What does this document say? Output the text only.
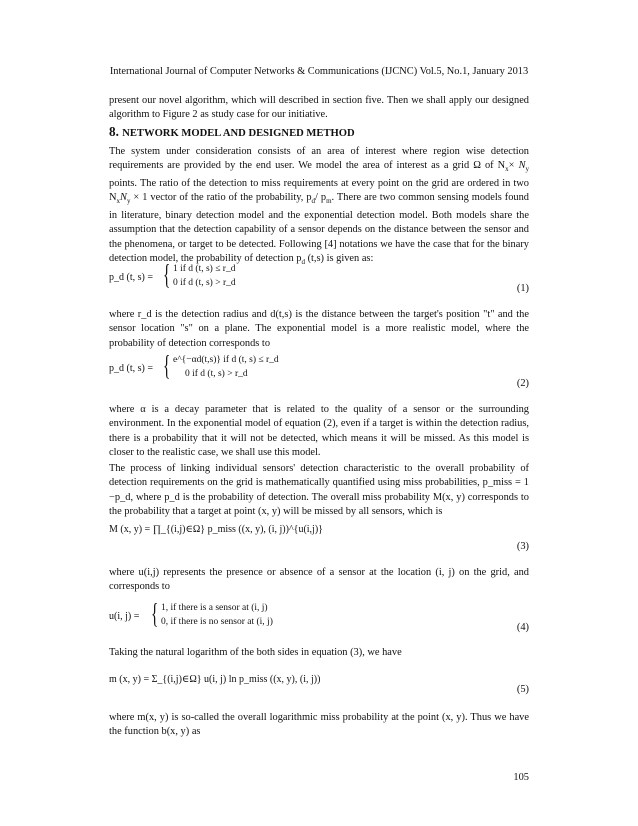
International Journal of Computer Networks & Communications (IJCNC) Vol.5, No.1, January 2013

present our novel algorithm, which will described in section five. Then we shall apply our designed algorithm to Figure 2 as study case for our initiative.

8. NETWORK MODEL AND DESIGNED METHOD

The system under consideration consists of an area of interest where region wise detection requirements are provided by the end user. We model the area of interest as a grid Ω of $N_x\times N_y$ points. The ratio of the detection to miss requirements at every point on the grid are ordered in two $N_xN_y \times 1$ vector of the ratio of the probability, $p_d/$ $p_m$. There are two common sensing models found in literature, binary detection model and the exponential detection model. Both models share the assumption that the detection capability of a sensor depends on the distance between the sensor and the phenomena, or target to be detected. Following [4] notations we have the case that for the binary detection model, the probability of detection $p_d$ (t,s) is given as:

p_d (t, s) = { 1 if d (t, s) ≤ r_d
0 if d (t, s) > r_d	(1)

where r_d is the detection radius and d(t,s) is the distance between the target's position "t" and the sensor location "s" on a plane. The exponential model is a more realistic model, where the probability of detection corresponds to

p_d (t, s) = { e^{−αd(t,s)} if d (t, s) ≤ r_d
0 if d (t, s) > r_d
(2)

where α is a decay parameter that is related to the quality of a sensor or the surrounding environment. In the exponential model of equation (2), even if a target is within the detection radius, there is a probability that it will not be detected, which means it will be missed. As this model is closer to the realistic case, we shall use this model.

The process of linking individual sensors' detection characteristic to the overall probability of detection requirements on the grid is mathematically quantified using miss probabilities, p_miss = 1 −p_d, where p_d is the probability of detection. The overall miss probability M(x, y) corresponds to the probability that a target at point (x, y) will be missed by all sensors, which is

M (x, y) = ∏_{(i,j)∈Ω} p_miss ((x, y), (i, j))^{u(i,j)}
(3)

where u(i,j) represents the presence or absence of a sensor at the location (i, j) on the grid, and corresponds to

u(i, j) = { 1, if there is a sensor at (i, j)
0, if there is no sensor at (i, j)	(4)

Taking the natural logarithm of the both sides in equation (3), we have

m (x, y) = Σ_{(i,j)∈Ω} u(i, j) ln p_miss ((x, y), (i, j))
(5)

where m(x, y) is so-called the overall logarithmic miss probability at the point (x, y). Thus we have the function b(x, y) as

105
